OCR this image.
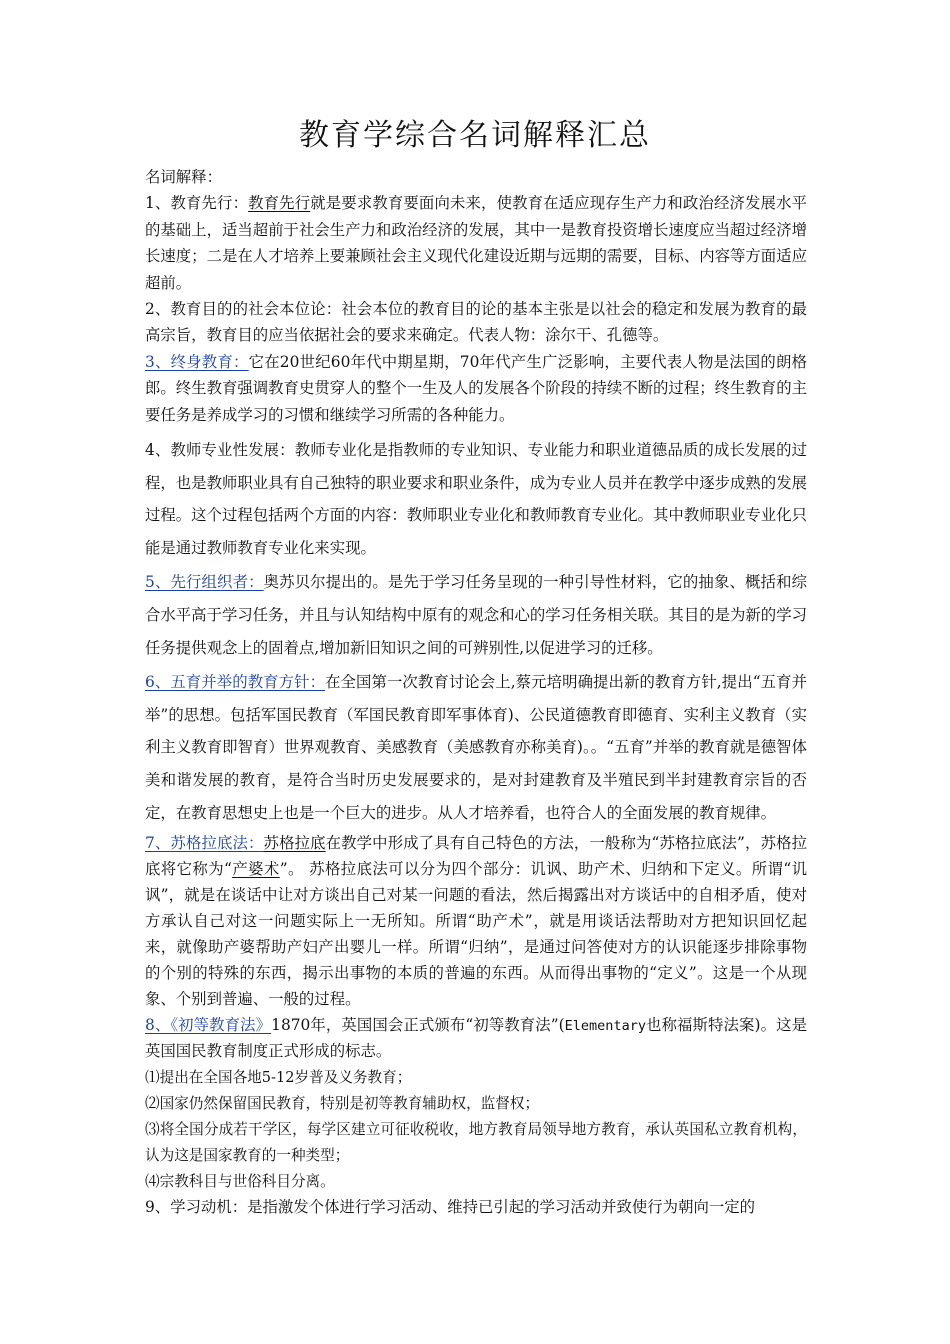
教育学综合名词解释汇总

名词解释：

1、教育先行：教育先行就是要求教育要面向未来，使教育在适应现存生产力和政治经济发展水平的基础上，适当超前于社会生产力和政治经济的发展，其中一是教育投资增长速度应当超过经济增长速度；二是在人才培养上要兼顾社会主义现代化建设近期与远期的需要，目标、内容等方面适应超前。

2、教育目的的社会本位论：社会本位的教育目的论的基本主张是以社会的稳定和发展为教育的最高宗旨，教育目的应当依据社会的要求来确定。代表人物：涂尔干、孔德等。

3、终身教育：它在20世纪60年代中期星期，70年代产生广泛影响，主要代表人物是法国的朗格郎。终生教育强调教育史贯穿人的整个一生及人的发展各个阶段的持续不断的过程；终生教育的主要任务是养成学习的习惯和继续学习所需的各种能力。

4、教师专业性发展：教师专业化是指教师的专业知识、专业能力和职业道德品质的成长发展的过程，也是教师职业具有自己独特的职业要求和职业条件，成为专业人员并在教学中逐步成熟的发展过程。这个过程包括两个方面的内容：教师职业专业化和教师教育专业化。其中教师职业专业化只能是通过教师教育专业化来实现。

5、先行组织者：奥苏贝尔提出的。是先于学习任务呈现的一种引导性材料，它的抽象、概括和综合水平高于学习任务，并且与认知结构中原有的观念和心的学习任务相关联。其目的是为新的学习任务提供观念上的固着点,增加新旧知识之间的可辨别性,以促进学习的迁移。

6、五育并举的教育方针：在全国第一次教育讨论会上,蔡元培明确提出新的教育方针,提出“五育并举”的思想。包括军国民教育（军国民教育即军事体育)、公民道德教育即德育、实利主义教育（实利主义教育即智育）世界观教育、美感教育（美感教育亦称美育)。。“五育”并举的教育就是德智体美和谐发展的教育，是符合当时历史发展要求的，是对封建教育及半殖民到半封建教育宗旨的否定，在教育思想史上也是一个巨大的进步。从人才培养看，也符合人的全面发展的教育规律。

7、苏格拉底法：苏格拉底在教学中形成了具有自己特色的方法，一般称为“苏格拉底法”，苏格拉底将它称为“产婆术”。 苏格拉底法可以分为四个部分：讥讽、助产术、归纳和下定义。所谓“讥讽”，就是在谈话中让对方谈出自己对某一问题的看法，然后揭露出对方谈话中的自相矛盾，使对方承认自己对这一问题实际上一无所知。所谓“助产术”，就是用谈话法帮助对方把知识回忆起来，就像助产婆帮助产妇产出婴儿一样。所谓“归纳”，是通过问答使对方的认识能逐步排除事物的个别的特殊的东西，揭示出事物的本质的普遍的东西。从而得出事物的“定义”。这是一个从现象、个别到普遍、一般的过程。

8、《初等教育法》1870年，英国国会正式颁布“初等教育法”(Elementary也称福斯特法案)。这是英国国民教育制度正式形成的标志。

⑴提出在全国各地5-12岁普及义务教育；

⑵国家仍然保留国民教育，特别是初等教育辅助权，监督权；

⑶将全国分成若干学区，每学区建立可征收税收，地方教育局领导地方教育，承认英国私立教育机构，认为这是国家教育的一种类型；

⑷宗教科目与世俗科目分离。

9、学习动机：是指激发个体进行学习活动、维持已引起的学习活动并致使行为朝向一定的
